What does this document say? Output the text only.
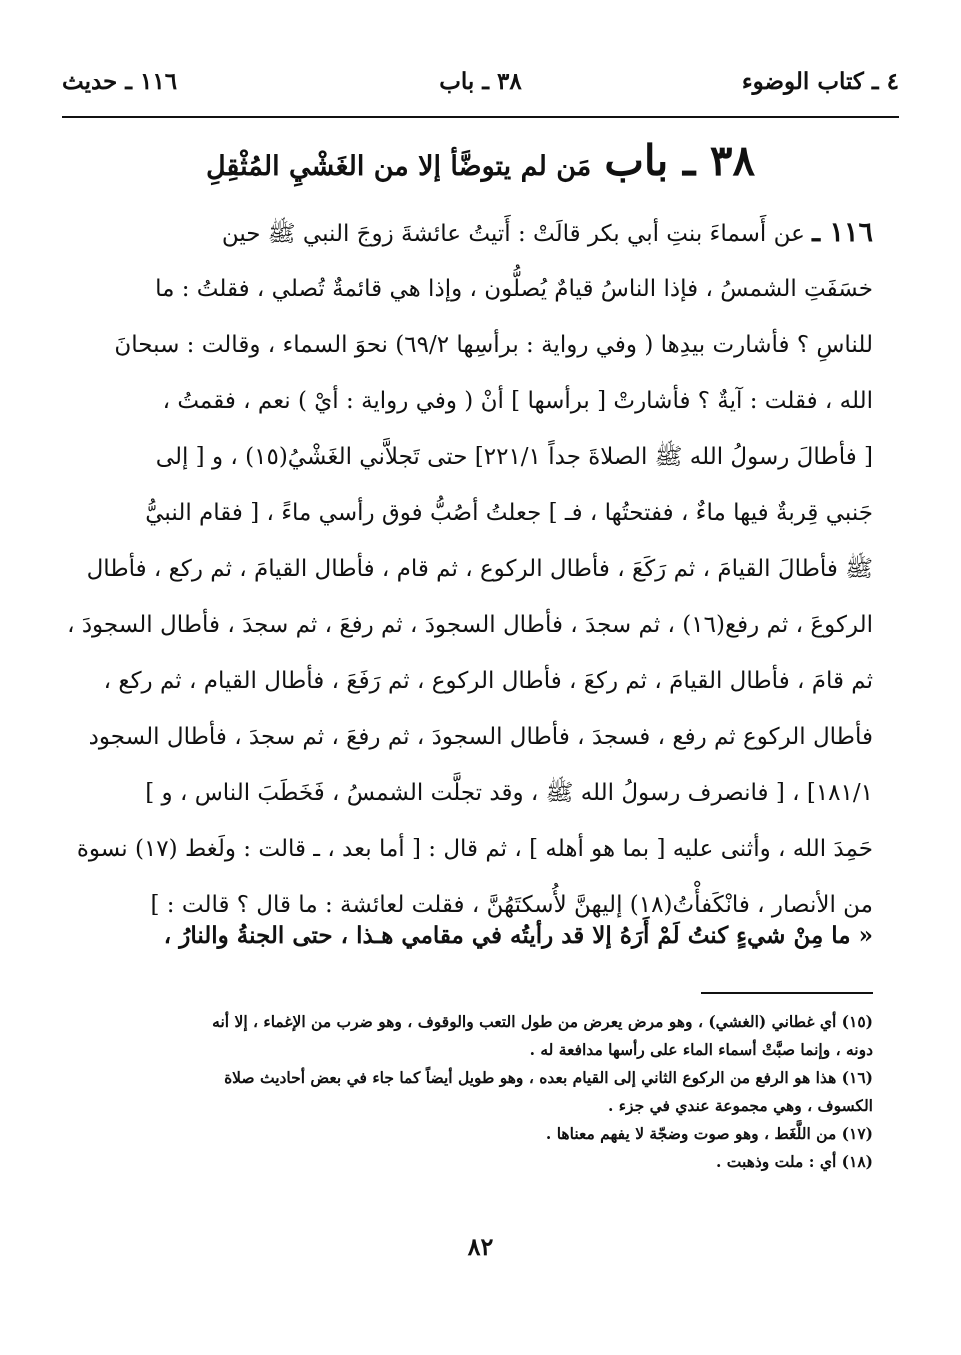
٤ ـ كتاب الوضوء
٣٨ ـ باب
١١٦ ـ حديث
٣٨ ـ باب مَن لم يتوضَّأ إلا من الغَشْيِ المُثْقِلِ
١١٦ ـ عن أَسماءَ بنتِ أبي بكر قالَتْ : أَتيتُ عائشةَ زوجَ النبي ﷺ حين
خسَفَتِ الشمسُ ، فإذا الناسُ قيامٌ يُصلُّون ، وإذا هي قائمةٌ تُصلي ، فقلتُ : ما
للناسِ ؟ فأشارت بيدِها ( وفي رواية : برأسِها ٦٩/٢) نحوَ السماء ، وقالت : سبحانَ
الله ، فقلت : آيةٌ ؟ فأشارتْ [ برأسها ] أنْ ( وفي رواية : أيْ ) نعم ، فقمتُ ،
[ فأطالَ رسولُ الله ﷺ الصلاةَ جداً ٢٢١/١] حتى تَجلاَّني الغَشْيُ(١٥) ، و [ إلى
جَنبي قِربةٌ فيها ماءٌ ، ففتحتُها ، فـ ] جعلتُ أصُبُّ فوق رأسي ماءً ، [ فقام النبيُّ
ﷺ فأطالَ القيامَ ، ثم رَكَعَ ، فأطال الركوع ، ثم قام ، فأطال القيامَ ، ثم ركع ، فأطال
الركوعَ ، ثم رفع(١٦) ، ثم سجدَ ، فأطال السجودَ ، ثم رفعَ ، ثم سجدَ ، فأطال السجودَ ،
ثم قامَ ، فأطال القيامَ ، ثم ركعَ ، فأطال الركوع ، ثم رَفَعَ ، فأطال القيام ، ثم ركع ،
فأطال الركوع ثم رفع ، فسجدَ ، فأطال السجودَ ، ثم رفعَ ، ثم سجدَ ، فأطال السجود
١٨١/١] ، [ فانصرف رسولُ الله ﷺ ، وقد تجلَّت الشمسُ ، فَخَطَبَ الناس ، و ]
حَمِدَ الله ، وأثنى عليه [ بما هو أهله ] ، ثم قال : [ أما بعد ، ـ قالت : ولَغط (١٧) نسوة
من الأنصار ، فانْكَفأْتُ(١٨) إليهنَّ لأُسكتَهُنَّ ، فقلت لعائشة : ما قال ؟ قالت : ]
« ما مِنْ شيءٍ كنتُ لَمْ أَرَهُ إلا قد رأيتُه في مقامي هـذا ، حتى الجنةُ والنارُ ،
(١٥) أي غطاني (الغشي) ، وهو مرض يعرض من طول التعب والوقوف ، وهو ضرب من الإغماء ، إلا أنه
دونه ، وإنما صبَّتْ أسماء الماء على رأسها مدافعة له .
(١٦) هذا هو الرفع من الركوع الثاني إلى القيام بعده ، وهو طويل أيضاً كما جاء في بعض أحاديث صلاة
الكسوف ، وهي مجموعة عندي في جزء .
(١٧) من اللَّغَط ، وهو صوت وضجّة لا يفهم معناها .
(١٨) أي : ملت وذهبت .
٨٢
